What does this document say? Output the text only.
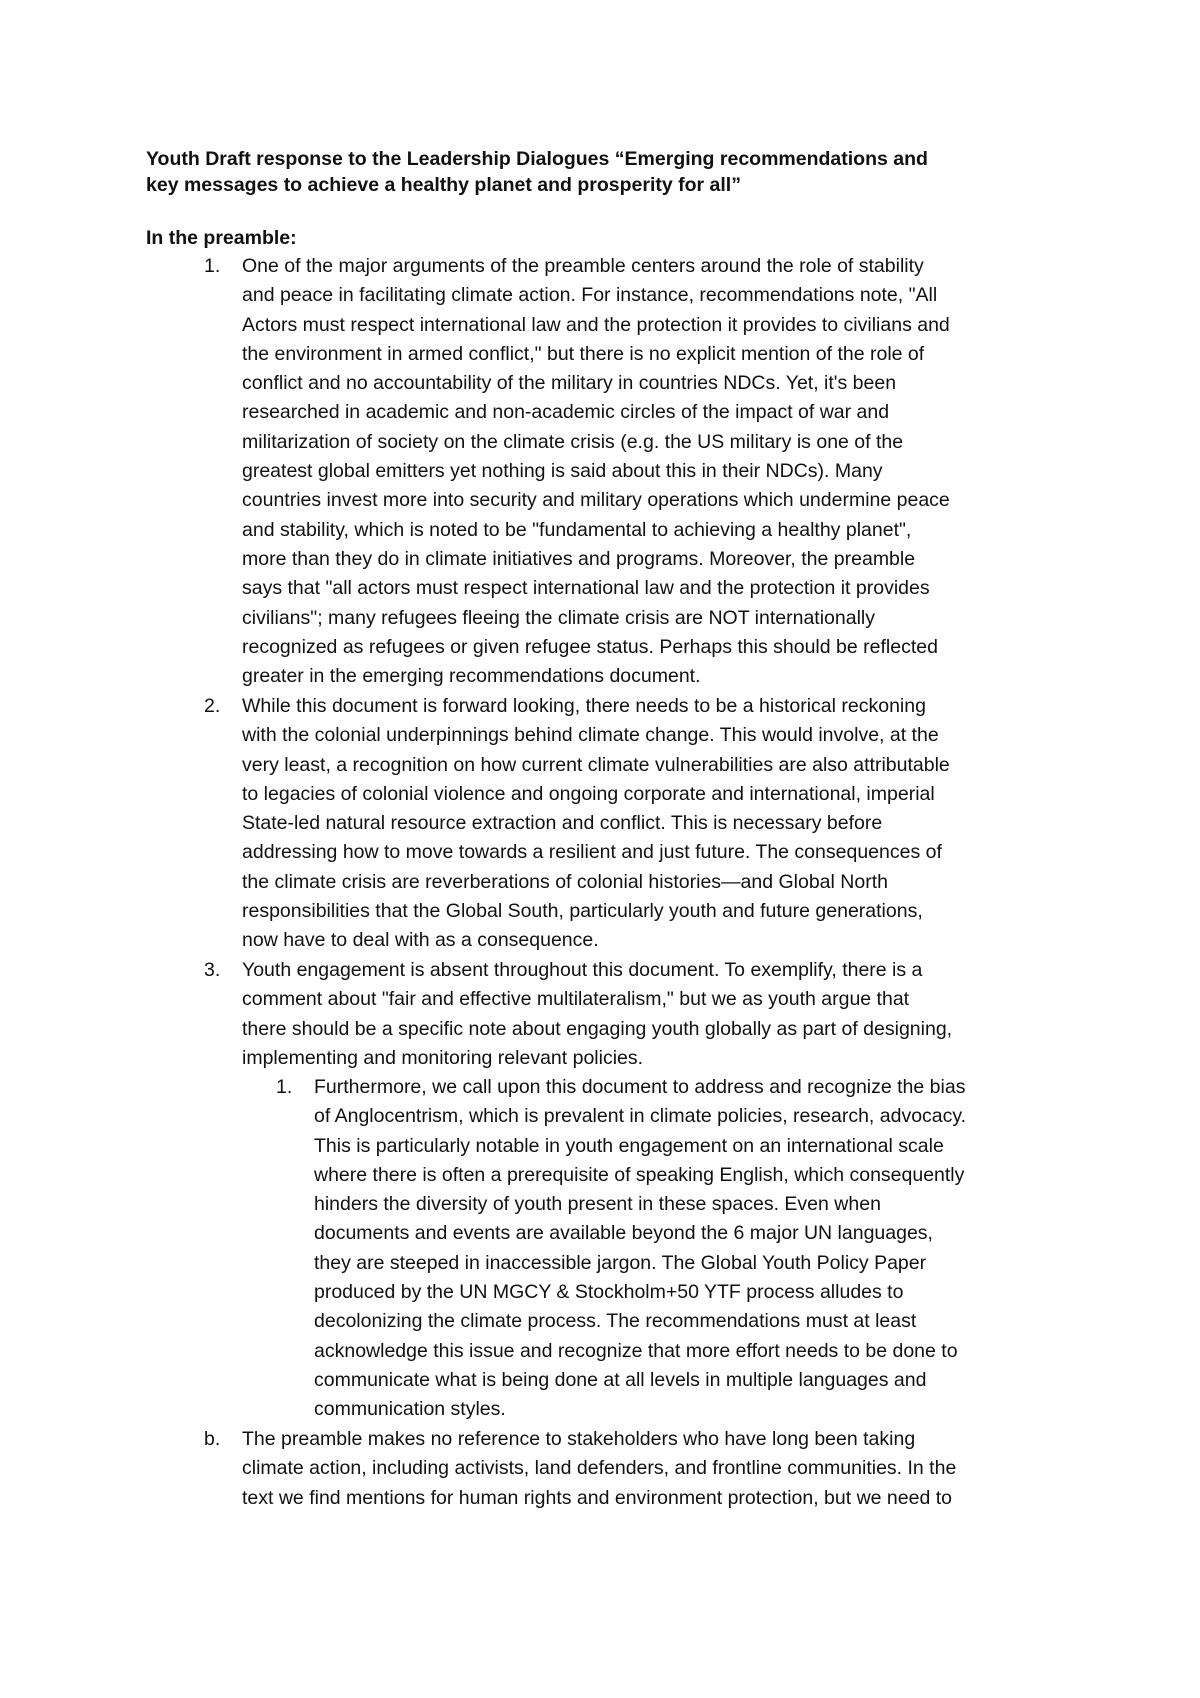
Youth Draft response to the Leadership Dialogues “Emerging recommendations and
key messages to achieve a healthy planet and prosperity for all”
In the preamble:
1. One of the major arguments of the preamble centers around the role of stability
and peace in facilitating climate action. For instance, recommendations note, "All
Actors must respect international law and the protection it provides to civilians and
the environment in armed conflict," but there is no explicit mention of the role of
conflict and no accountability of the military in countries NDCs. Yet, it's been
researched in academic and non-academic circles of the impact of war and
militarization of society on the climate crisis (e.g. the US military is one of the
greatest global emitters yet nothing is said about this in their NDCs). Many
countries invest more into security and military operations which undermine peace
and stability, which is noted to be "fundamental to achieving a healthy planet",
more than they do in climate initiatives and programs. Moreover, the preamble
says that "all actors must respect international law and the protection it provides
civilians"; many refugees fleeing the climate crisis are NOT internationally
recognized as refugees or given refugee status. Perhaps this should be reflected
greater in the emerging recommendations document.
2. While this document is forward looking, there needs to be a historical reckoning
with the colonial underpinnings behind climate change. This would involve, at the
very least, a recognition on how current climate vulnerabilities are also attributable
to legacies of colonial violence and ongoing corporate and international, imperial
State-led natural resource extraction and conflict. This is necessary before
addressing how to move towards a resilient and just future. The consequences of
the climate crisis are reverberations of colonial histories—and Global North
responsibilities that the Global South, particularly youth and future generations,
now have to deal with as a consequence.
3. Youth engagement is absent throughout this document. To exemplify, there is a
comment about "fair and effective multilateralism," but we as youth argue that
there should be a specific note about engaging youth globally as part of designing,
implementing and monitoring relevant policies.
1. Furthermore, we call upon this document to address and recognize the bias
of Anglocentrism, which is prevalent in climate policies, research, advocacy.
This is particularly notable in youth engagement on an international scale
where there is often a prerequisite of speaking English, which consequently
hinders the diversity of youth present in these spaces. Even when
documents and events are available beyond the 6 major UN languages,
they are steeped in inaccessible jargon. The Global Youth Policy Paper
produced by the UN MGCY & Stockholm+50 YTF process alludes to
decolonizing the climate process. The recommendations must at least
acknowledge this issue and recognize that more effort needs to be done to
communicate what is being done at all levels in multiple languages and
communication styles.
b. The preamble makes no reference to stakeholders who have long been taking
climate action, including activists, land defenders, and frontline communities. In the
text we find mentions for human rights and environment protection, but we need to
